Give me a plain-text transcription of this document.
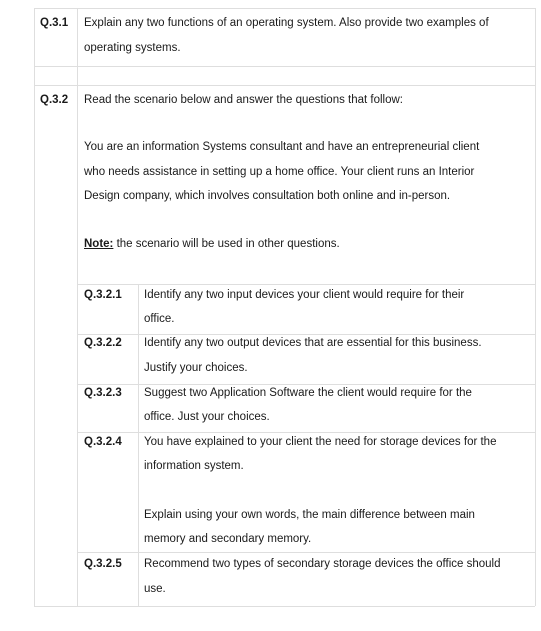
Q.3.1 Explain any two functions of an operating system. Also provide two examples of
operating systems.
Q.3.2 Read the scenario below and answer the questions that follow:
You are an information Systems consultant and have an entrepreneurial client
who needs assistance in setting up a home office. Your client runs an Interior
Design company, which involves consultation both online and in-person.
Note: the scenario will be used in other questions.
Q.3.2.1 Identify any two input devices your client would require for their
office.
Q.3.2.2 Identify any two output devices that are essential for this business.
Justify your choices.
Q.3.2.3 Suggest two Application Software the client would require for the
office. Just your choices.
Q.3.2.4 You have explained to your client the need for storage devices for the
information system.
Explain using your own words, the main difference between main
memory and secondary memory.
Q.3.2.5 Recommend two types of secondary storage devices the office should
use.
